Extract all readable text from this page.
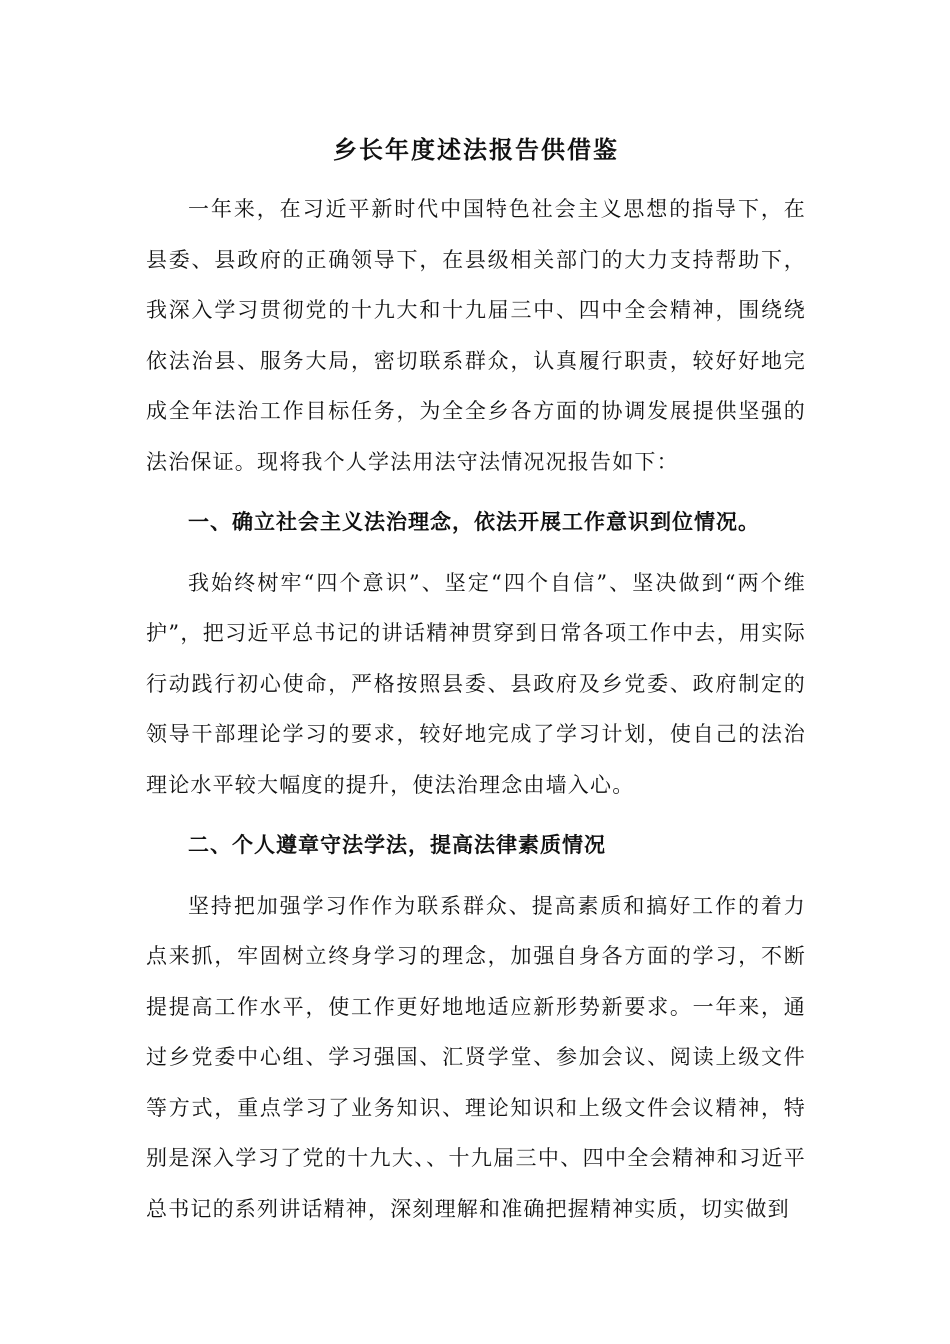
乡长年度述法报告供借鉴

一年来，在习近平新时代中国特色社会主义思想的指导下，在县委、县政府的正确领导下，在县级相关部门的大力支持帮助下，我深入学习贯彻党的十九大和十九届三中、四中全会精神，围绕绕依法治县、服务大局，密切联系群众，认真履行职责，较好好地完成全年法治工作目标任务，为全全乡各方面的协调发展提供坚强的法治保证。现将我个人学法用法守法情况况报告如下：

一、确立社会主义法治理念，依法开展工作意识到位情况。

我始终树牢“四个意识”、坚定“四个自信”、坚决做到“两个维护”，把习近平总书记的讲话精神贯穿到日常各项工作中去，用实际行动践行初心使命，严格按照县委、县政府及乡党委、政府制定的领导干部理论学习的要求，较好地完成了学习计划，使自己的法治理论水平较大幅度的提升，使法治理念由墙入心。

二、个人遵章守法学法，提高法律素质情况

坚持把加强学习作作为联系群众、提高素质和搞好工作的着力点来抓，牢固树立终身学习的理念，加强自身各方面的学习，不断提提高工作水平，使工作更好地地适应新形势新要求。一年来，通过乡党委中心组、学习强国、汇贤学堂、参加会议、阅读上级文件等方式，重点学习了业务知识、理论知识和上级文件会议精神，特别是深入学习了党的十九大、、十九届三中、四中全会精神和习近平总书记的系列讲话精神，深刻理解和准确把握精神实质，切实做到
